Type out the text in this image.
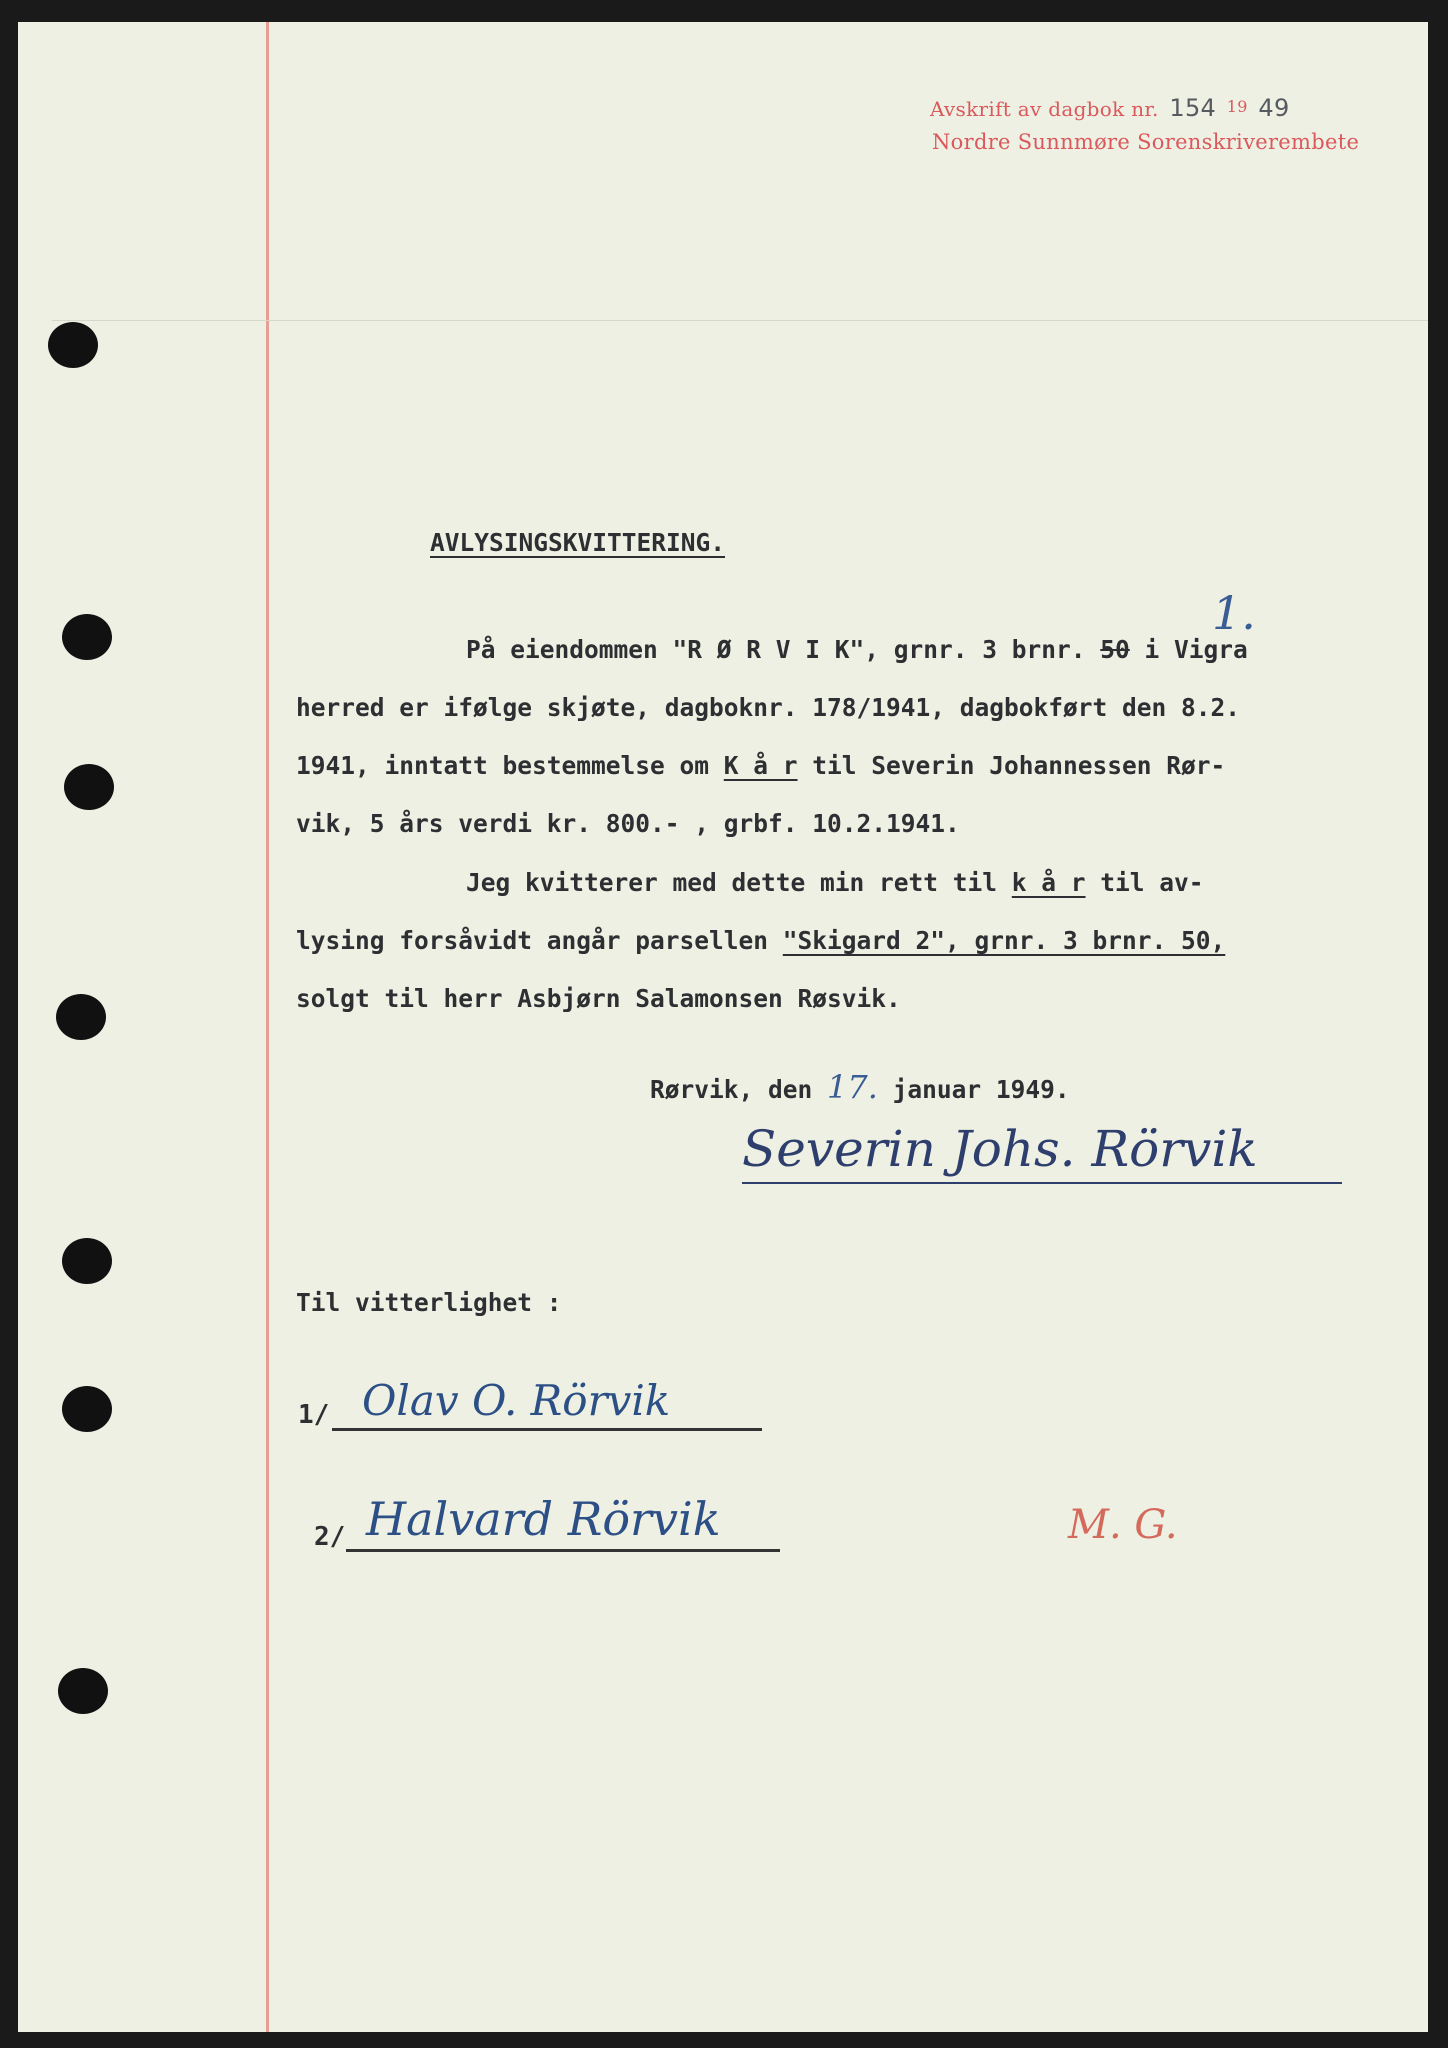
Avskrift av dagbok nr. 154 $^{19}$ 49
Nordre Sunnmøre Sorenskriverembete
AVLYSINGSKVITTERING.
1.
På eiendommen "R Ø R V I K", grnr. 3 brnr. 50 i Vigra
herred er ifølge skjøte, dagboknr. 178/1941, dagbokført den 8.2.
1941, inntatt bestemmelse om K å r til Severin Johannessen Rør-
vik, 5 års verdi kr. 800.- , grbf. 10.2.1941.
Jeg kvitterer med dette min rett til k å r til av-
lysing forsåvidt angår parsellen "Skigard 2", grnr. 3 brnr. 50,
solgt til herr Asbjørn Salamonsen Røsvik.
Rørvik, den 17. januar 1949.
Severin Johs. Rörvik
Til vitterlighet :
1/ Olav O. Rörvik
2/ Halvard Rörvik	M. G.
